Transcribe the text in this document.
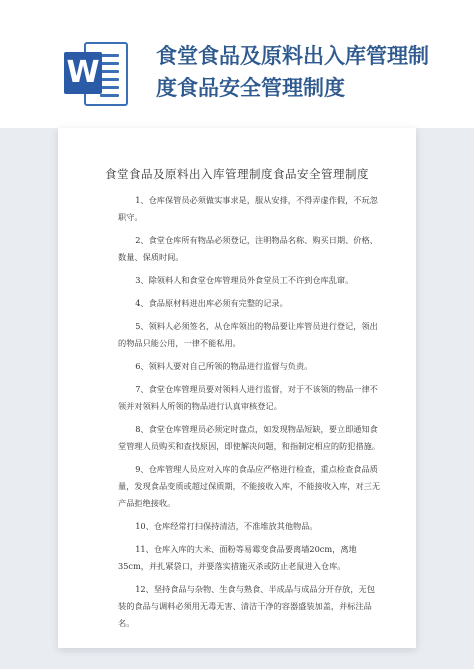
W	食堂食品及原料出入库管理制
度食品安全管理制度
食堂食品及原料出入库管理制度食品安全管理制度
1、仓库保管员必须做实事求是，服从安排，不得弄虚作假，不玩忽职守。
2、食堂仓库所有物品必须登记，注明物品名称、购买日期、价格、数量、保质时间。
3、除领料人和食堂仓库管理员外食堂员工不许到仓库乱窜。
4、食品原材料进出库必须有完整的记录。
5、领料人必须签名，从仓库领出的物品要让库管员进行登记，领出的物品只能公用，一律不能私用。
6、领料人要对自己所领的物品进行监督与负责。
7、食堂仓库管理员要对领料人进行监督，对于不该领的物品一律不领并对领料人所领的物品进行认真审核登记。
8、食堂仓库管理员必须定时盘点，如发现物品短缺，要立即通知食堂管理人员购买和查找原因，即使解决问题，和指制定相应的防犯措施。
9、仓库管理人员应对入库的食品应严格进行检查，重点检查食品质量，发现食品变质或超过保质期，不能接收入库，不能接收入库，对三无产品拒绝接收。
10、仓库经常打扫保持清洁，不准堆放其他物品。
11、仓库入库的大米、面粉等易霉变食品要离墙20cm，离地35cm，并扎紧袋口，并要落实措施灭杀或防止老鼠进入仓库。
12、坚持食品与杂物、生食与熟食、半成品与成品分开存放，无包装的食品与调料必须用无毒无害、清洁干净的容器盛装加盖，并标注品名。
